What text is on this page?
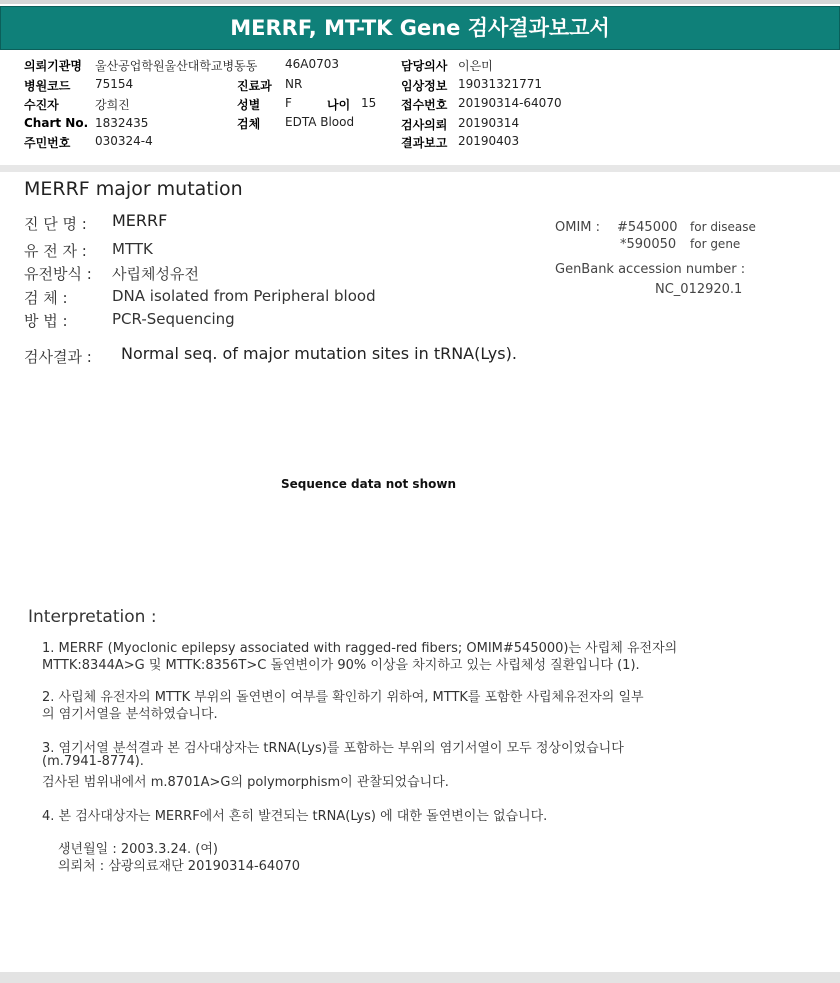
MERRF, MT-TK Gene 검사결과보고서
의뢰기관명 울산공업학원울산대학교병동동 46A0703	담당의사 이은미
병원코드 75154	진료과 NR	임상정보 19031321771
수진자	강희진	성별 F	나이 15 접수번호 20190314-64070
Chart No. 1832435	검체 EDTA Blood	검사의뢰 20190314
주민번호 030324-4	결과보고 20190403
MERRF major mutation
진 단 명 : MERRF
유 전 자 : MTTK
유전방식 : 사립체성유전
검 체 :	DNA isolated from Peripheral blood
방 법 :	PCR-Sequencing
검사결과 : Normal seq. of major mutation sites in tRNA(Lys).
OMIM : #545000 for disease
*590050 for gene
GenBank accession number :
NC_012920.1
Sequence data not shown
Interpretation :
1. MERRF (Myoclonic epilepsy associated with ragged-red fibers; OMIM#545000)는 사립체 유전자의
MTTK:8344A>G 및 MTTK:8356T>C 돌연변이가 90% 이상을 차지하고 있는 사립체성 질환입니다 (1).
2. 사립체 유전자의 MTTK 부위의 돌연변이 여부를 확인하기 위하여, MTTK를 포함한 사립체유전자의 일부
의 염기서열을 분석하였습니다.
3. 염기서열 분석결과 본 검사대상자는 tRNA(Lys)를 포함하는 부위의 염기서열이 모두 정상이었습니다
(m.7941-8774).
검사된 범위내에서 m.8701A>G의 polymorphism이 관찰되었습니다.
4. 본 검사대상자는 MERRF에서 흔히 발견되는 tRNA(Lys) 에 대한 돌연변이는 없습니다.
생년월일 : 2003.3.24. (여)
의뢰처 : 삼광의료재단 20190314-64070
